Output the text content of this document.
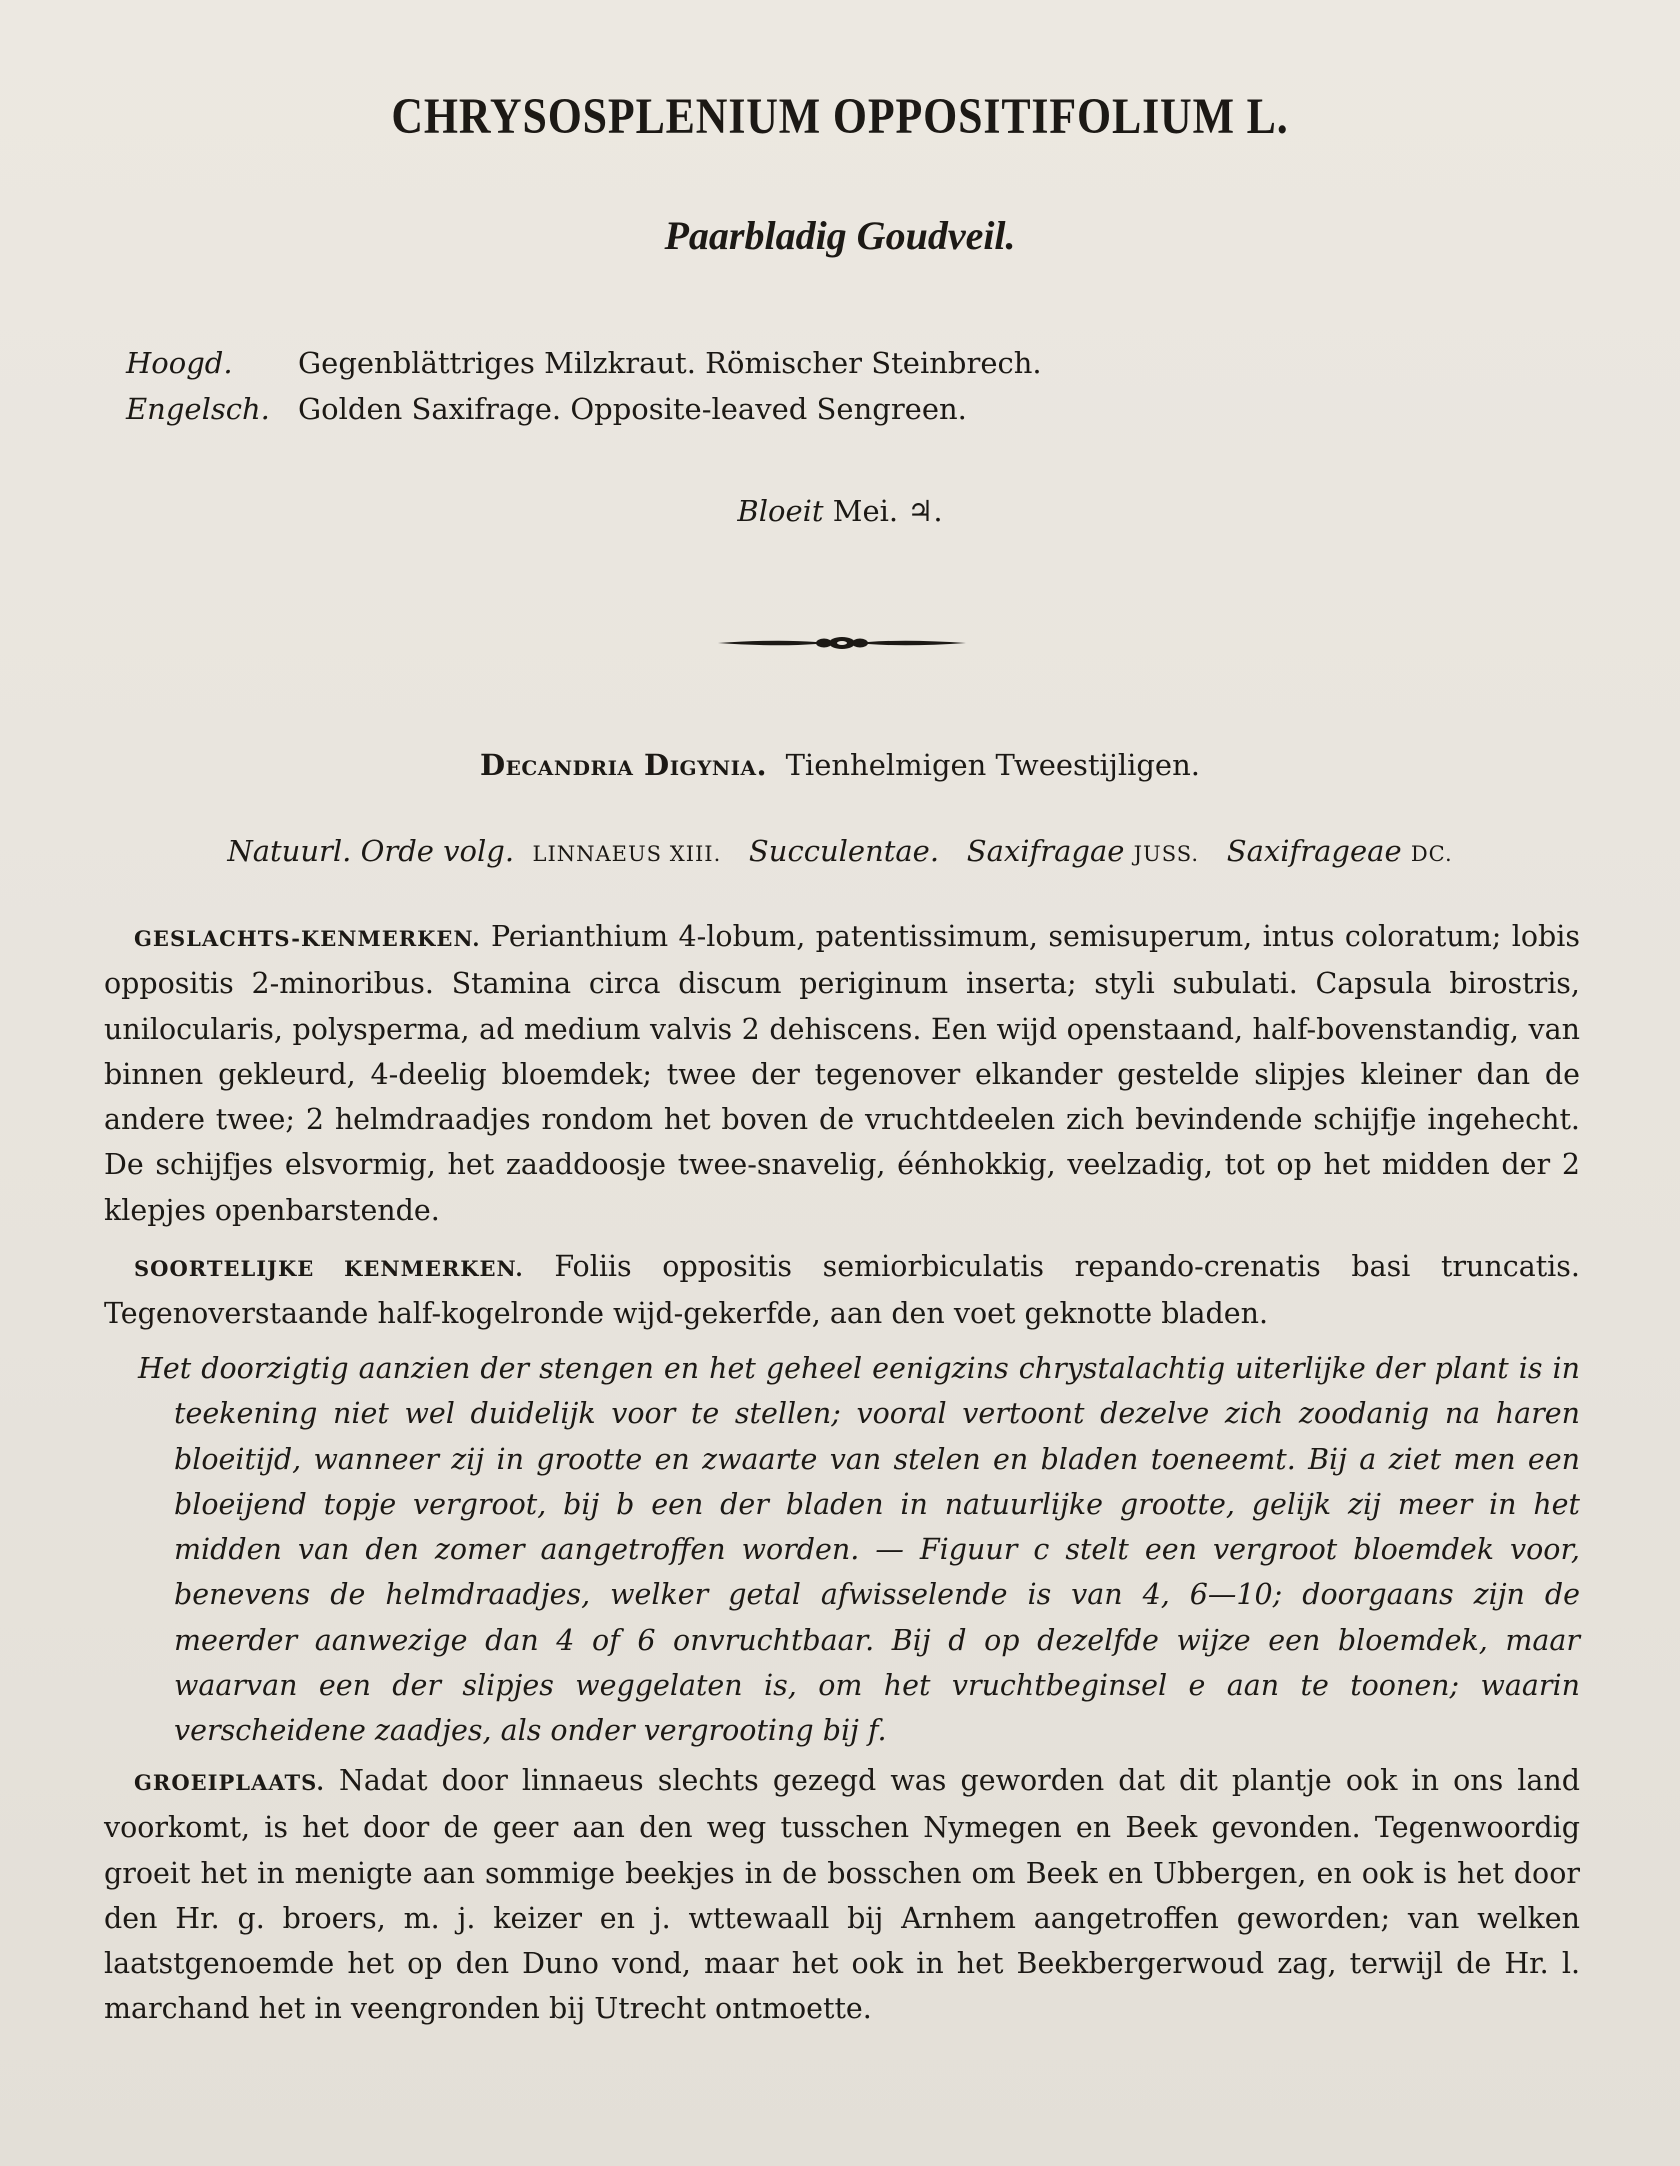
CHRYSOSPLENIUM OPPOSITIFOLIUM L.
Paarbladig Goudveil.
Hoogd. Gegenblättriges Milzkraut. Römischer Steinbrech.
Engelsch. Golden Saxifrage. Opposite-leaved Sengreen.
Bloeit Mei. ♃.
Decandria Digynia. Tienhelmigen Tweestijligen.
Natuurl. Orde volg. LINNAEUS XIII. Succulentae. Saxifragae JUSS. Saxifrageae DC.

GESLACHTS-KENMERKEN. Perianthium 4-lobum, patentissimum, semisuperum, intus coloratum; lobis oppositis 2-minoribus. Stamina circa discum periginum inserta; styli subulati. Capsula birostris, unilocularis, polysperma, ad medium valvis 2 dehiscens. Een wijd openstaand, half-bovenstandig, van binnen gekleurd, 4-deelig bloemdek; twee der tegenover elkander gestelde slipjes kleiner dan de andere twee; 2 helmdraadjes rondom het boven de vruchtdeelen zich bevindende schijfje ingehecht. De schijfjes elsvormig, het zaaddoosje twee-snavelig, éénhokkig, veelzadig, tot op het midden der 2 klepjes openbarstende.

SOORTELIJKE KENMERKEN. Foliis oppositis semiorbiculatis repando-crenatis basi truncatis. Tegenoverstaande half-kogelronde wijd-gekerfde, aan den voet geknotte bladen.

Het doorzigtig aanzien der stengen en het geheel eenigzins chrystalachtig uiterlijke der plant is in teekening niet wel duidelijk voor te stellen; vooral vertoont dezelve zich zoodanig na haren bloeitijd, wanneer zij in grootte en zwaarte van stelen en bladen toeneemt. Bij a ziet men een bloeijend topje vergroot, bij b een der bladen in natuurlijke grootte, gelijk zij meer in het midden van den zomer aangetroffen worden. — Figuur c stelt een vergroot bloemdek voor, benevens de helmdraadjes, welker getal afwisselende is van 4, 6—10; doorgaans zijn de meerder aanwezige dan 4 of 6 onvruchtbaar. Bij d op dezelfde wijze een bloemdek, maar waarvan een der slipjes weggelaten is, om het vruchtbeginsel e aan te toonen; waarin verscheidene zaadjes, als onder vergrooting bij f.

GROEIPLAATS. Nadat door linnaeus slechts gezegd was geworden dat dit plantje ook in ons land voorkomt, is het door de geer aan den weg tusschen Nymegen en Beek gevonden. Tegenwoordig groeit het in menigte aan sommige beekjes in de bosschen om Beek en Ubbergen, en ook is het door den Hr. g. broers, m. j. keizer en j. wttewaall bij Arnhem aangetroffen geworden; van welken laatstgenoemde het op den Duno vond, maar het ook in het Beekbergerwoud zag, terwijl de Hr. l. marchand het in veengronden bij Utrecht ontmoette.
